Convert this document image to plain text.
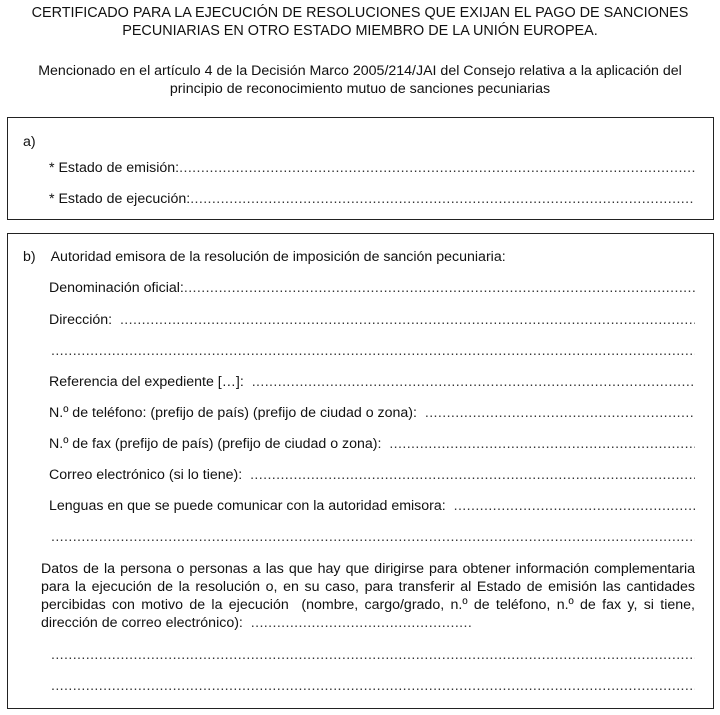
CERTIFICADO PARA LA EJECUCIÓN DE RESOLUCIONES QUE EXIJAN EL PAGO DE SANCIONES
PECUNIARIAS EN OTRO ESTADO MIEMBRO DE LA UNIÓN EUROPEA.
Mencionado en el artículo 4 de la Decisión Marco 2005/214/JAI del Consejo relativa a la aplicación del
principio de reconocimiento mutuo de sanciones pecuniarias
a)
* Estado de emisión:
.....
* Estado de ejecución:
.....
b)    Autoridad emisora de la resolución de imposición de sanción pecuniaria:
Denominación oficial:
.....
Dirección:
.....
.....
Referencia del expediente […]:
.....
N.º de teléfono: (prefijo de país) (prefijo de ciudad o zona):
.....
N.º de fax (prefijo de país) (prefijo de ciudad o zona):
.....
Correo electrónico (si lo tiene):
.....
Lenguas en que se puede comunicar con la autoridad emisora:
.....
.....
Datos de la persona o personas a las que hay que dirigirse para obtener información complementaria para la ejecución de la resolución o, en su caso, para transferir al Estado de emisión las cantidades percibidas con motivo de la ejecución  (nombre, cargo/grado, n.º de teléfono, n.º de fax y, si tiene, dirección de correo electrónico):  .....
.....
.....
